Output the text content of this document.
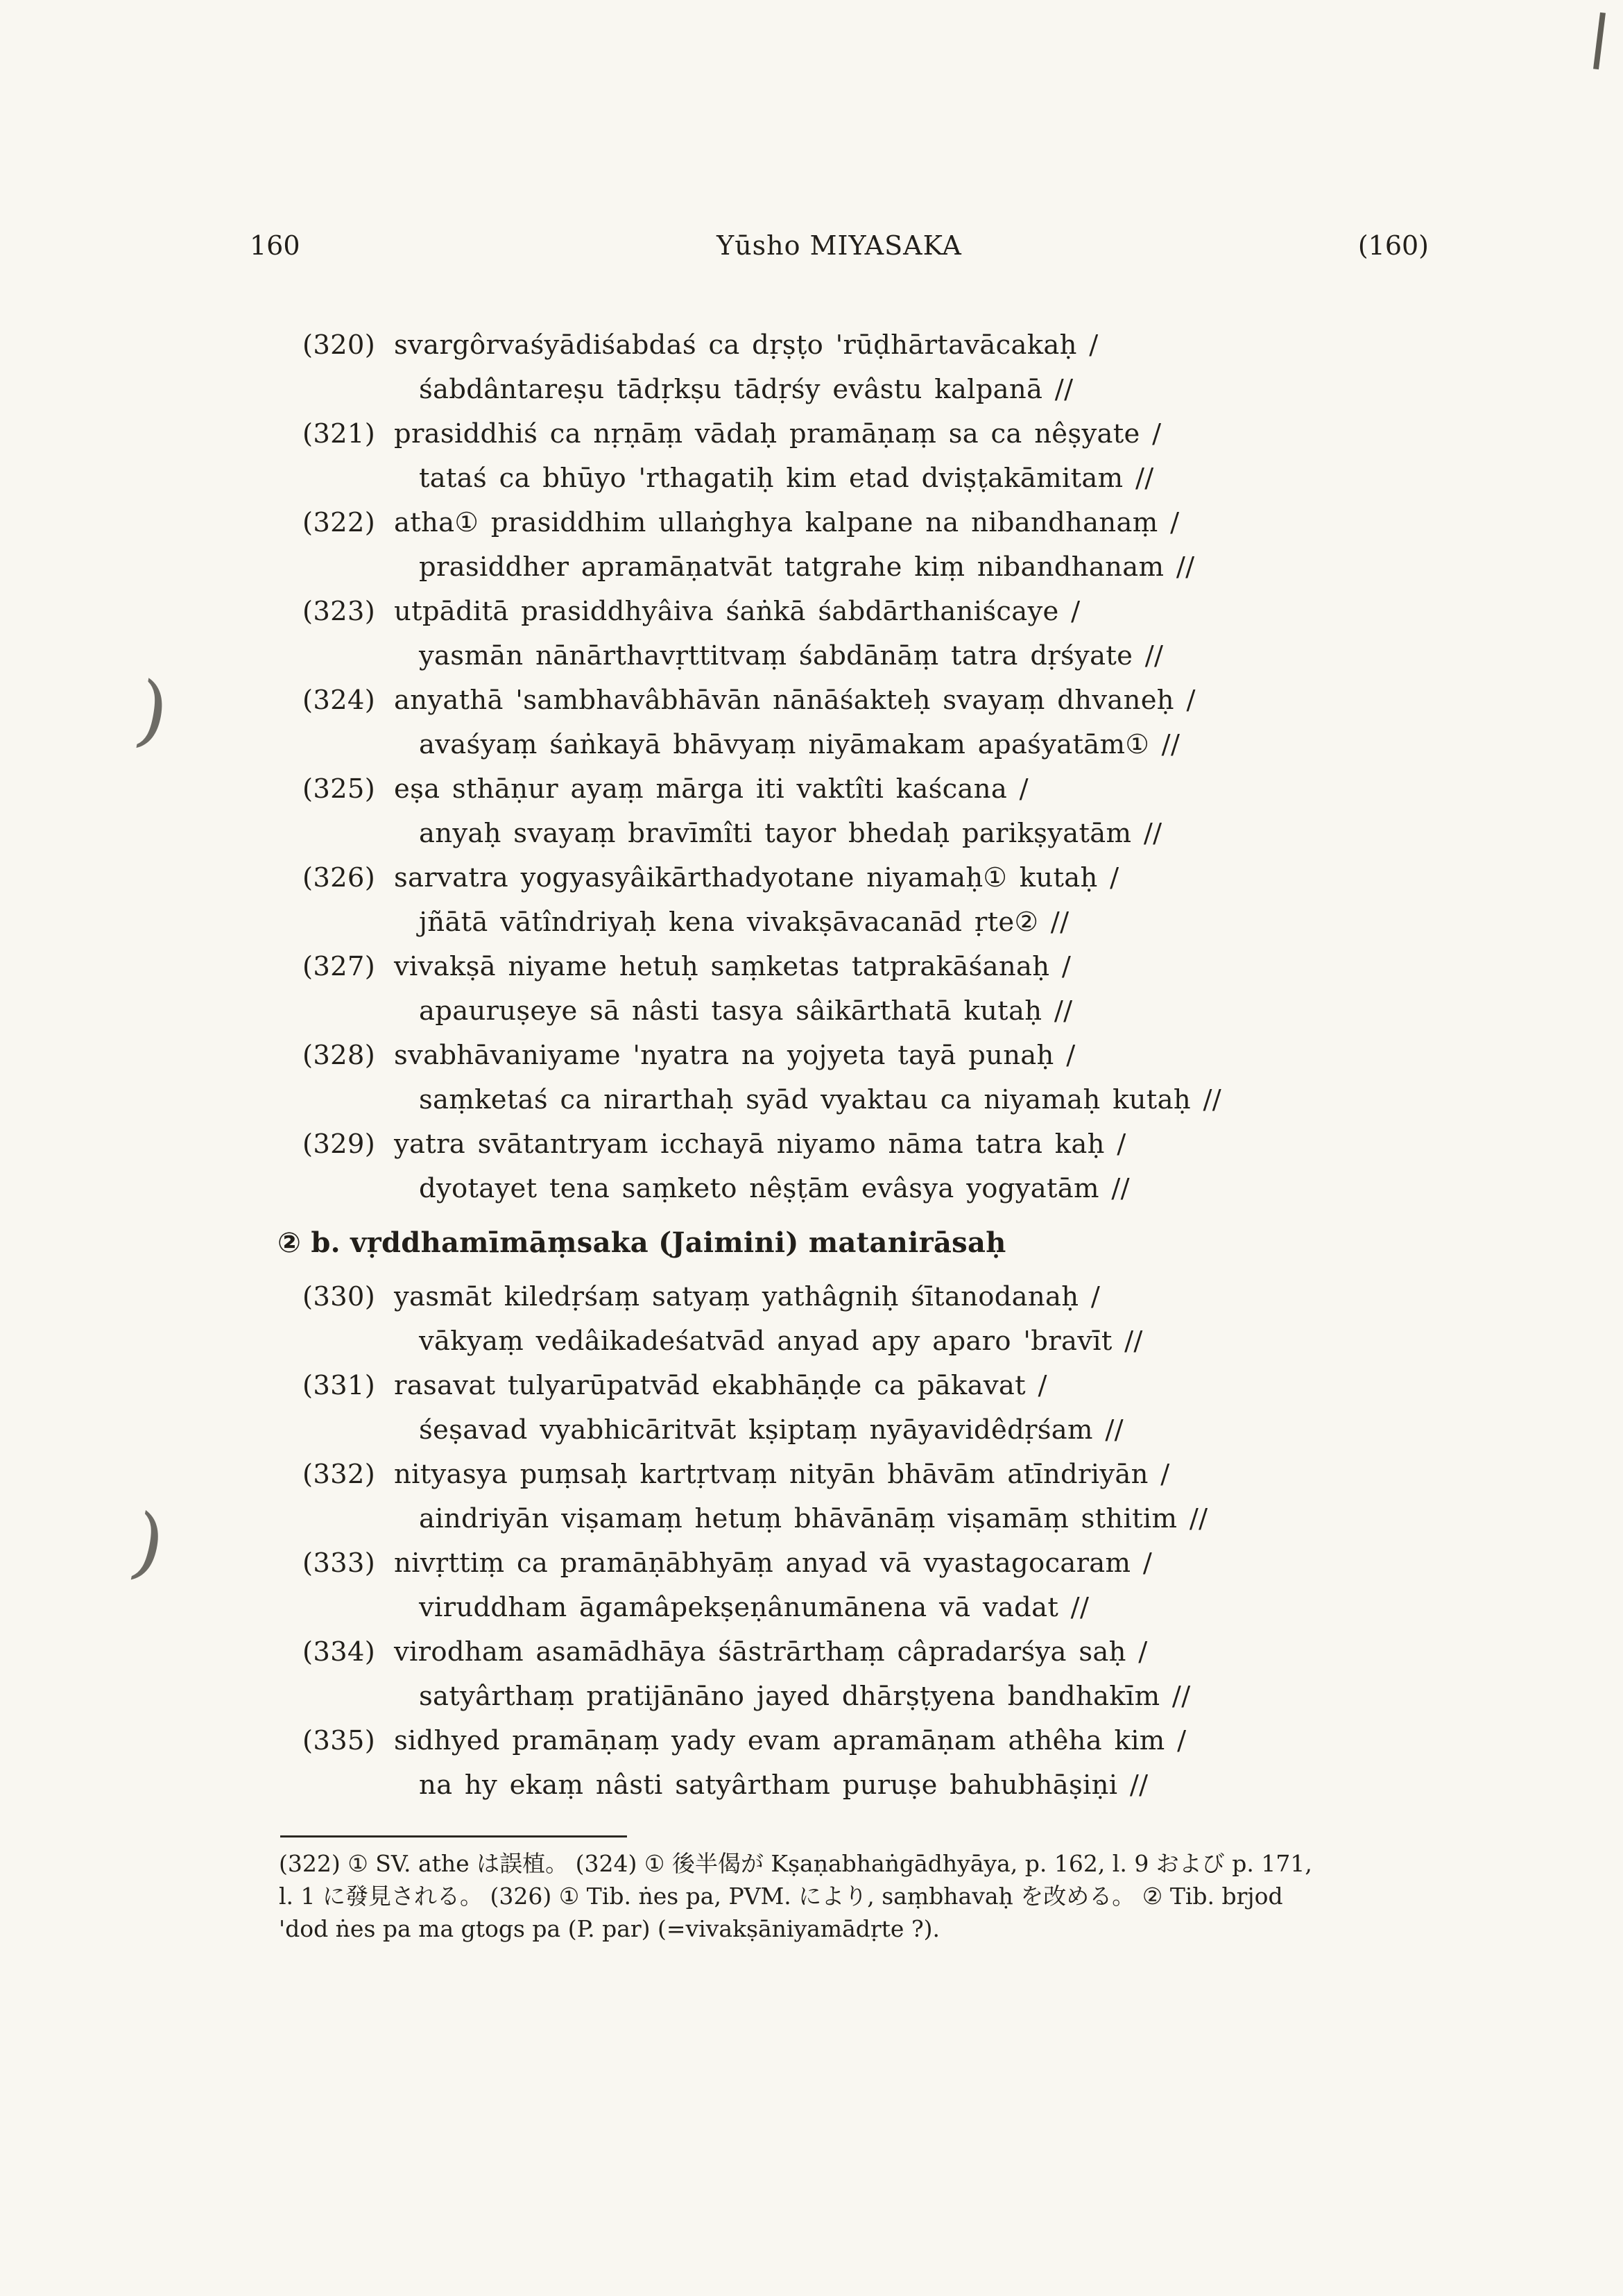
)
)
160	Yūsho MIYASAKA	(160)
(320) svargôrvaśyādiśabdaś ca dṛṣṭo 'rūḍhārtavācakaḥ /
śabdântareṣu tādṛkṣu tādṛśy evâstu kalpanā //
(321) prasiddhiś ca nṛṇāṃ vādaḥ pramāṇaṃ sa ca nêṣyate /
tataś ca bhūyo 'rthagatiḥ kim etad dviṣṭakāmitam //
(322) atha① prasiddhim ullaṅghya kalpane na nibandhanaṃ /
prasiddher apramāṇatvāt tatgrahe kiṃ nibandhanam //
(323) utpāditā prasiddhyâiva śaṅkā śabdārthaniścaye /
yasmān nānārthavṛttitvaṃ śabdānāṃ tatra dṛśyate //
(324) anyathā 'sambhavâbhāvān nānāśakteḥ svayaṃ dhvaneḥ /
avaśyaṃ śaṅkayā bhāvyaṃ niyāmakam apaśyatām① //
(325) eṣa sthāṇur ayaṃ mārga iti vaktîti kaścana /
anyaḥ svayaṃ bravīmîti tayor bhedaḥ parikṣyatām //
(326) sarvatra yogyasyâikārthadyotane niyamaḥ① kutaḥ /
jñātā vātîndriyaḥ kena vivakṣāvacanād ṛte② //
(327) vivakṣā niyame hetuḥ saṃketas tatprakāśanaḥ /
apauruṣeye sā nâsti tasya sâikārthatā kutaḥ //
(328) svabhāvaniyame 'nyatra na yojyeta tayā punaḥ /
saṃketaś ca nirarthaḥ syād vyaktau ca niyamaḥ kutaḥ //
(329) yatra svātantryam icchayā niyamo nāma tatra kaḥ /
dyotayet tena saṃketo nêṣṭām evâsya yogyatām //
② b. vṛddhamīmāṃsaka (Jaimini) matanirāsaḥ
(330) yasmāt kiledṛśaṃ satyaṃ yathâgniḥ śītanodanaḥ /
vākyaṃ vedâikadeśatvād anyad apy aparo 'bravīt //
(331) rasavat tulyarūpatvād ekabhāṇḍe ca pākavat /
śeṣavad vyabhicāritvāt kṣiptaṃ nyāyavidêdṛśam //
(332) nityasya puṃsaḥ kartṛtvaṃ nityān bhāvām atīndriyān /
aindriyān viṣamaṃ hetuṃ bhāvānāṃ viṣamāṃ sthitim //
(333) nivṛttiṃ ca pramāṇābhyāṃ anyad vā vyastagocaram /
viruddham āgamâpekṣeṇânumānena vā vadat //
(334) virodham asamādhāya śāstrārthaṃ câpradarśya saḥ /
satyârthaṃ pratijānāno jayed dhārṣṭyena bandhakīm //
(335) sidhyed pramāṇaṃ yady evam apramāṇam athêha kim /
na hy ekaṃ nâsti satyârtham puruṣe bahubhāṣiṇi //

(322) ① SV. athe は誤植。 (324) ① 後半偈が Kṣaṇabhaṅgādhyāya, p. 162, l. 9 および p. 171,

l. 1 に發見される。 (326) ① Tib. ṅes pa, PVM. により, saṃbhavaḥ を改める。 ② Tib. brjod

'dod ṅes pa ma gtogs pa (P. par) (=vivakṣāniyamādṛte ?).
